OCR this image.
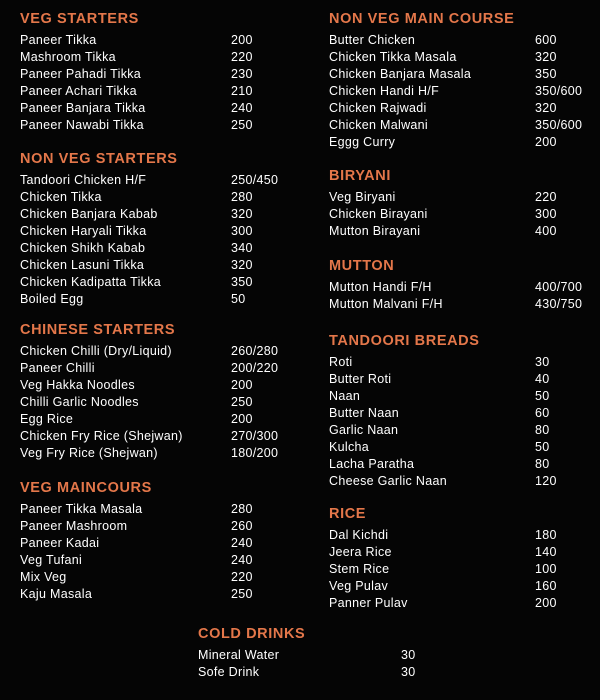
VEG STARTERS
Paneer Tikka	200
Mashroom Tikka	220
Paneer Pahadi Tikka	230
Paneer Achari Tikka	210
Paneer Banjara Tikka	240
Paneer Nawabi Tikka	250
NON VEG STARTERS
Tandoori Chicken H/F	250/450
Chicken Tikka	280
Chicken Banjara Kabab	320
Chicken Haryali Tikka	300
Chicken Shikh Kabab	340
Chicken Lasuni Tikka	320
Chicken Kadipatta Tikka	350
Boiled Egg	50
CHINESE STARTERS
Chicken Chilli (Dry/Liquid)	260/280
Paneer Chilli	200/220
Veg Hakka Noodles	200
Chilli Garlic Noodles	250
Egg Rice	200
Chicken Fry Rice (Shejwan)	270/300
Veg Fry Rice (Shejwan)	180/200
VEG MAINCOURS
Paneer Tikka Masala	280
Paneer Mashroom	260
Paneer Kadai	240
Veg Tufani	240
Mix Veg	220
Kaju Masala	250
NON VEG MAIN COURSE
Butter Chicken	600
Chicken Tikka Masala	320
Chicken Banjara Masala	350
Chicken Handi H/F	350/600
Chicken Rajwadi	320
Chicken Malwani	350/600
Eggg Curry	200
BIRYANI
Veg Biryani	220
Chicken Birayani	300
Mutton Birayani	400
MUTTON
Mutton Handi F/H	400/700
Mutton Malvani F/H	430/750
TANDOORI BREADS
Roti	30
Butter Roti	40
Naan	50
Butter Naan	60
Garlic Naan	80
Kulcha	50
Lacha Paratha	80
Cheese Garlic Naan	120
RICE
Dal Kichdi	180
Jeera Rice	140
Stem Rice	100
Veg Pulav	160
Panner Pulav	200
COLD DRINKS
Mineral Water	30
Sofe Drink	30
